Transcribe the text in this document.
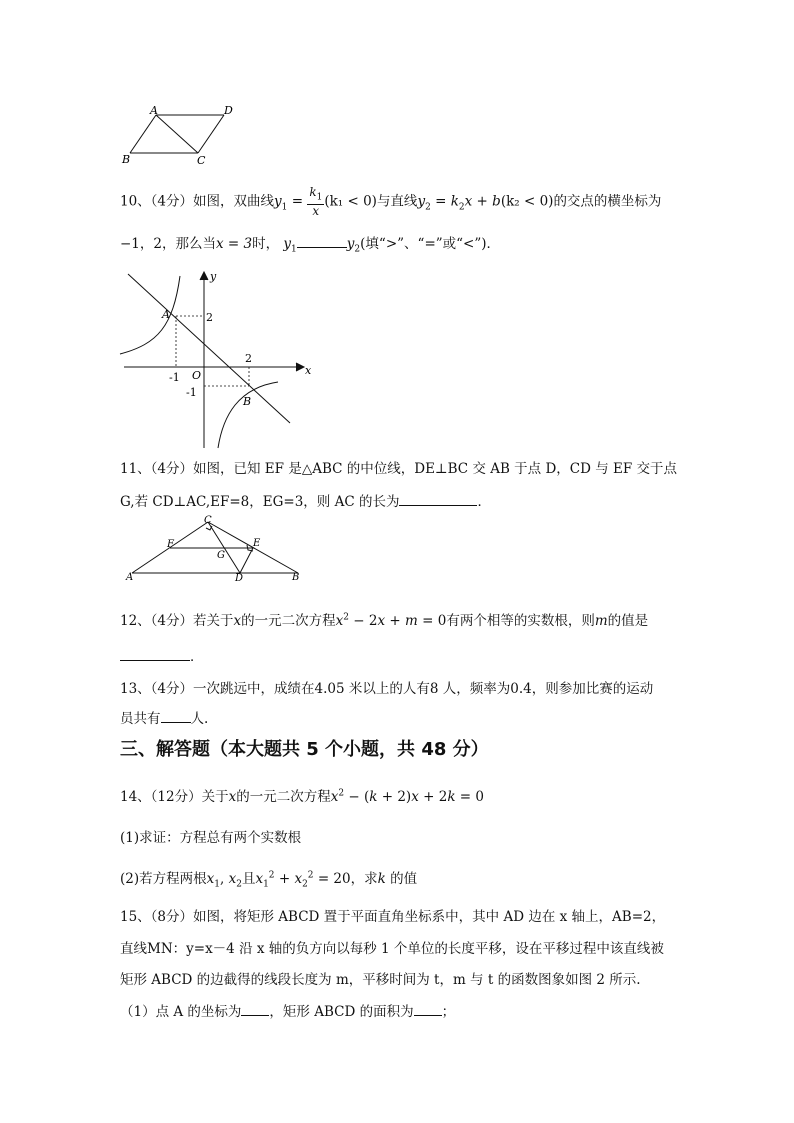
A	D
B	C
10、（4分）如图，双曲线$y_1 = \frac{k_1}{x} (k_1 < 0)$与直线$y_2 = k_2x + b(k_2 < 0)$的交点的横坐标为
−1，2，那么当x = 3时， $y_1$	$y_2$(填“>”、“=”或“<”)．
y
x
A	2
O
-1
2
-1
B
11、（4分）如图，已知 EF 是△ABC 的中位线，DE⊥BC 交 AB 于点 D，CD 与 EF 交于点
G,若 CD⊥AC,EF=8，EG=3，则 AC 的长为	．
C
F	E
G
A	D	B
12、（4分）若关于x的一元二次方程$x^2 - 2x + m = 0$有两个相等的实数根，则m的值是
．
13、（4分）一次跳远中，成绩在4.05 米以上的人有8 人，频率为0.4，则参加比赛的运动
员共有 人.
三、解答题（本大题共 5 个小题，共 48 分）
14、（12分）关于x的一元二次方程$x^2 - (k + 2)x + 2k = 0$
(1)求证：方程总有两个实数根
(2)若方程两根$x_1$, $x_2$且$x_1^2 + x_2^2 = 20$，求k 的值
15、（8分）如图，将矩形 ABCD 置于平面直角坐标系中，其中 AD 边在 x 轴上，AB=2，
直线MN：y=x－4 沿 x 轴的负方向以每秒 1 个单位的长度平移，设在平移过程中该直线被
矩形 ABCD 的边截得的线段长度为 m，平移时间为 t，m 与 t 的函数图象如图 2 所示.
（1）点 A 的坐标为 ，矩形 ABCD 的面积为 ；
